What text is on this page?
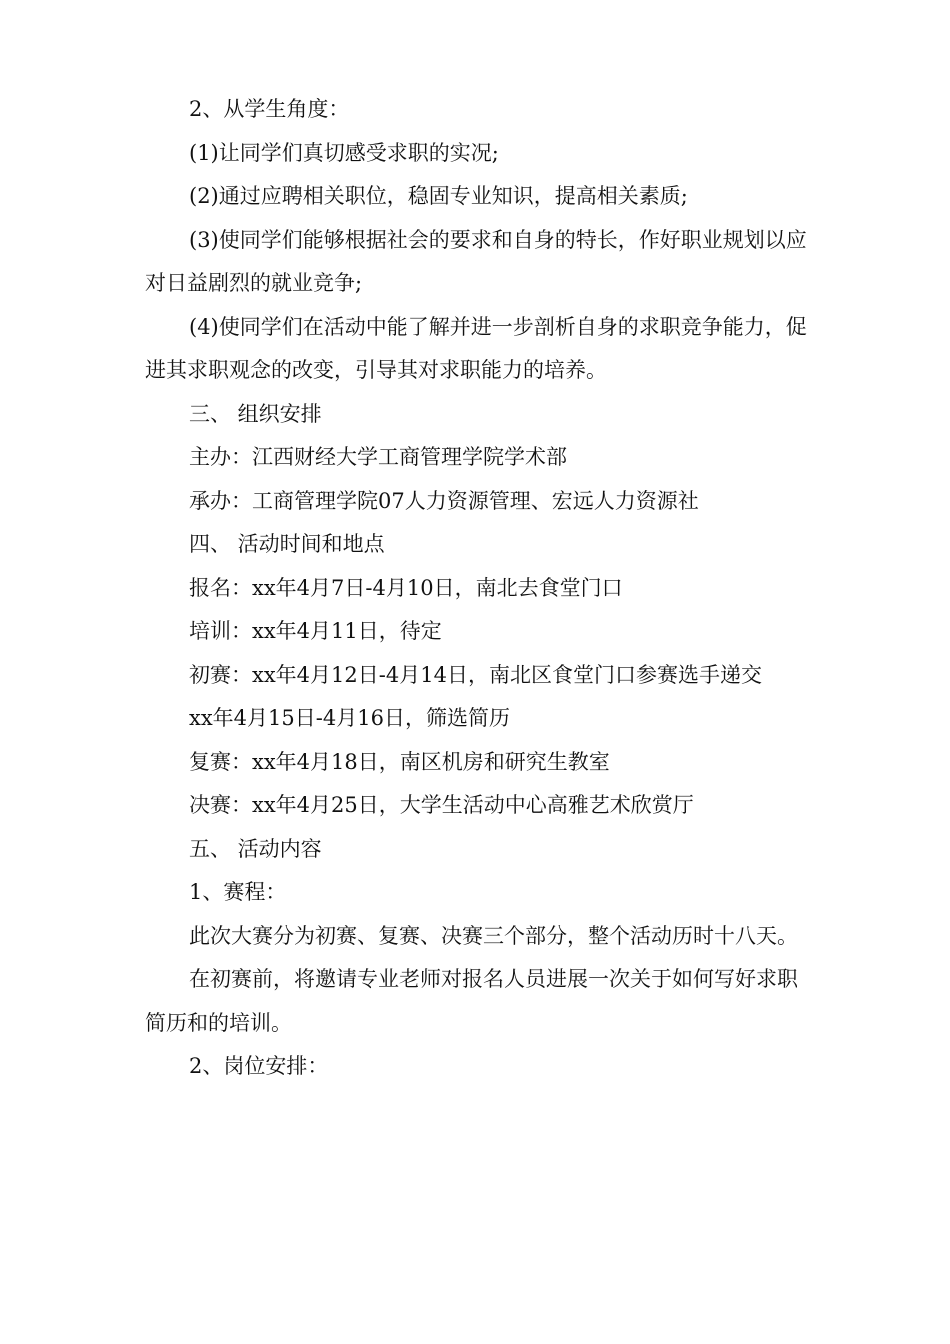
2、从学生角度：

(1)让同学们真切感受求职的实况;

(2)通过应聘相关职位，稳固专业知识，提高相关素质;

(3)使同学们能够根据社会的要求和自身的特长，作好职业规划以应对日益剧烈的就业竞争;

(4)使同学们在活动中能了解并进一步剖析自身的求职竞争能力，促进其求职观念的改变，引导其对求职能力的培养。

三、 组织安排

主办：江西财经大学工商管理学院学术部

承办：工商管理学院07人力资源管理、宏远人力资源社

四、 活动时间和地点

报名：xx年4月7日-4月10日，南北去食堂门口

培训：xx年4月11日，待定

初赛：xx年4月12日-4月14日，南北区食堂门口参赛选手递交

xx年4月15日-4月16日，筛选简历

复赛：xx年4月18日，南区机房和研究生教室

决赛：xx年4月25日，大学生活动中心高雅艺术欣赏厅

五、 活动内容

1、赛程：

此次大赛分为初赛、复赛、决赛三个部分，整个活动历时十八天。

在初赛前，将邀请专业老师对报名人员进展一次关于如何写好求职简历和的培训。

2、岗位安排：
